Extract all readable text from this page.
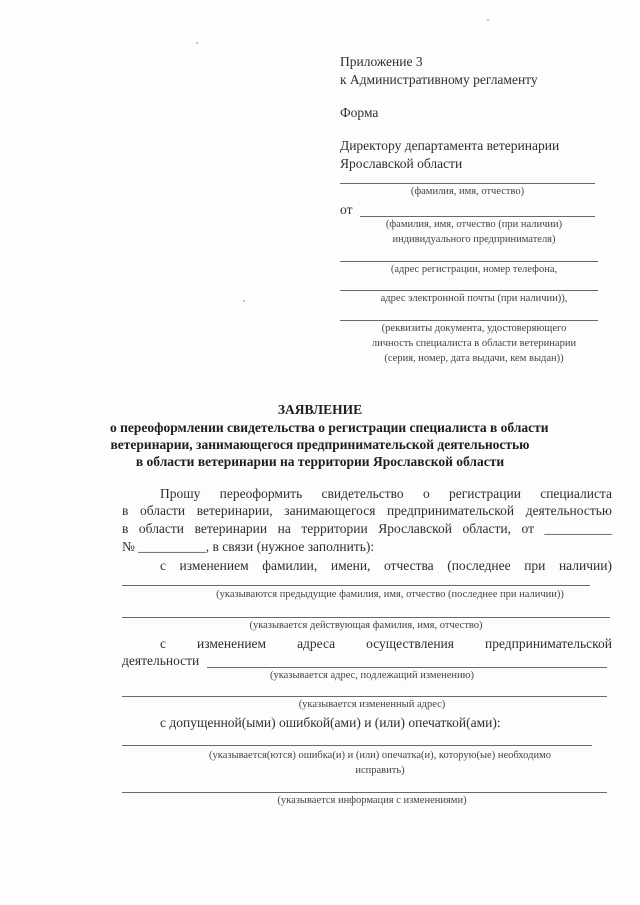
Приложение 3
к Административному регламенту
Форма
Директору департамента ветеринарии
Ярославской области
(фамилия, имя, отчество)
от
(фамилия, имя, отчество (при наличии)
индивидуального предпринимателя)
(адрес регистрации, номер телефона,
адрес электронной почты (при наличии)),
(реквизиты документа, удостоверяющего
личность специалиста в области ветеринарии
(серия, номер, дата выдачи, кем выдан))
ЗАЯВЛЕНИЕ
о переоформлении свидетельства о регистрации специалиста в области
ветеринарии, занимающегося предпринимательской деятельностью
в области ветеринарии на территории Ярославской области
Прошу переоформить свидетельство о регистрации специалиста
в области ветеринарии, занимающегося предпринимательской деятельностью
в области ветеринарии на территории Ярославской области, от __________
№ __________, в связи (нужное заполнить):
с изменением фамилии, имени, отчества (последнее при наличии)
(указываются предыдущие фамилия, имя, отчество (последнее при наличии))
(указывается действующая фамилия, имя, отчество)
с изменением адреса осуществления предпринимательской
деятельности
(указывается адрес, подлежащий изменению)
(указывается измененный адрес)
с допущенной(ыми) ошибкой(ами) и (или) опечаткой(ами):
(указывается(ются) ошибка(и) и (или) опечатка(и), которую(ые) необходимо
исправить)
(указывается информация с изменениями)
